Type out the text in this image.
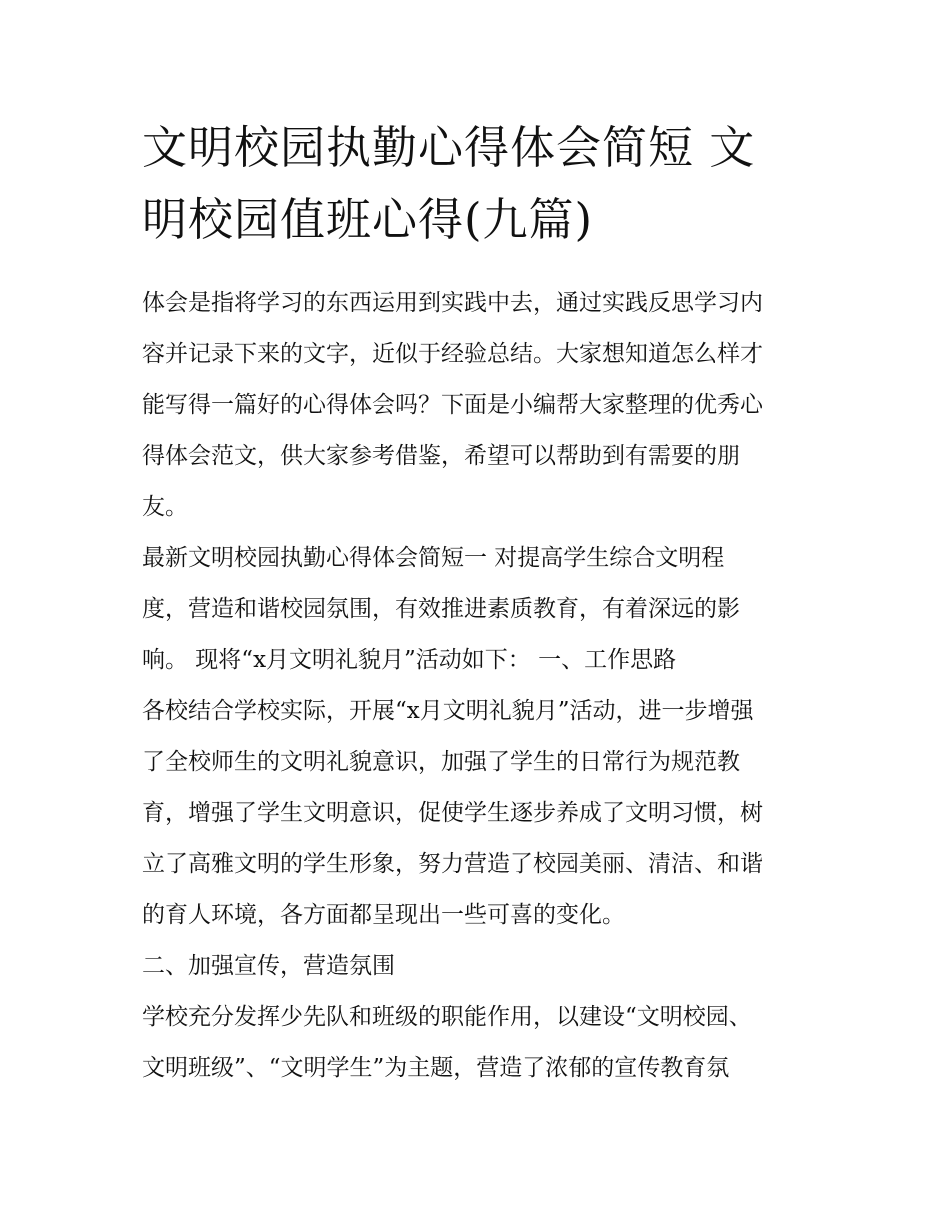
文明校园执勤心得体会简短 文
明校园值班心得(九篇)
体会是指将学习的东西运用到实践中去，通过实践反思学习内
容并记录下来的文字，近似于经验总结。大家想知道怎么样才
能写得一篇好的心得体会吗？下面是小编帮大家整理的优秀心
得体会范文，供大家参考借鉴，希望可以帮助到有需要的朋
友。
最新文明校园执勤心得体会简短一 对提高学生综合文明程
度，营造和谐校园氛围，有效推进素质教育，有着深远的影
响。 现将“x月文明礼貌月”活动如下： 一、工作思路
各校结合学校实际，开展“x月文明礼貌月”活动，进一步增强
了全校师生的文明礼貌意识，加强了学生的日常行为规范教
育，增强了学生文明意识，促使学生逐步养成了文明习惯，树
立了高雅文明的学生形象，努力营造了校园美丽、清洁、和谐
的育人环境，各方面都呈现出一些可喜的变化。
二、加强宣传，营造氛围
学校充分发挥少先队和班级的职能作用，以建设“文明校园、
文明班级”、“文明学生”为主题，营造了浓郁的宣传教育氛
